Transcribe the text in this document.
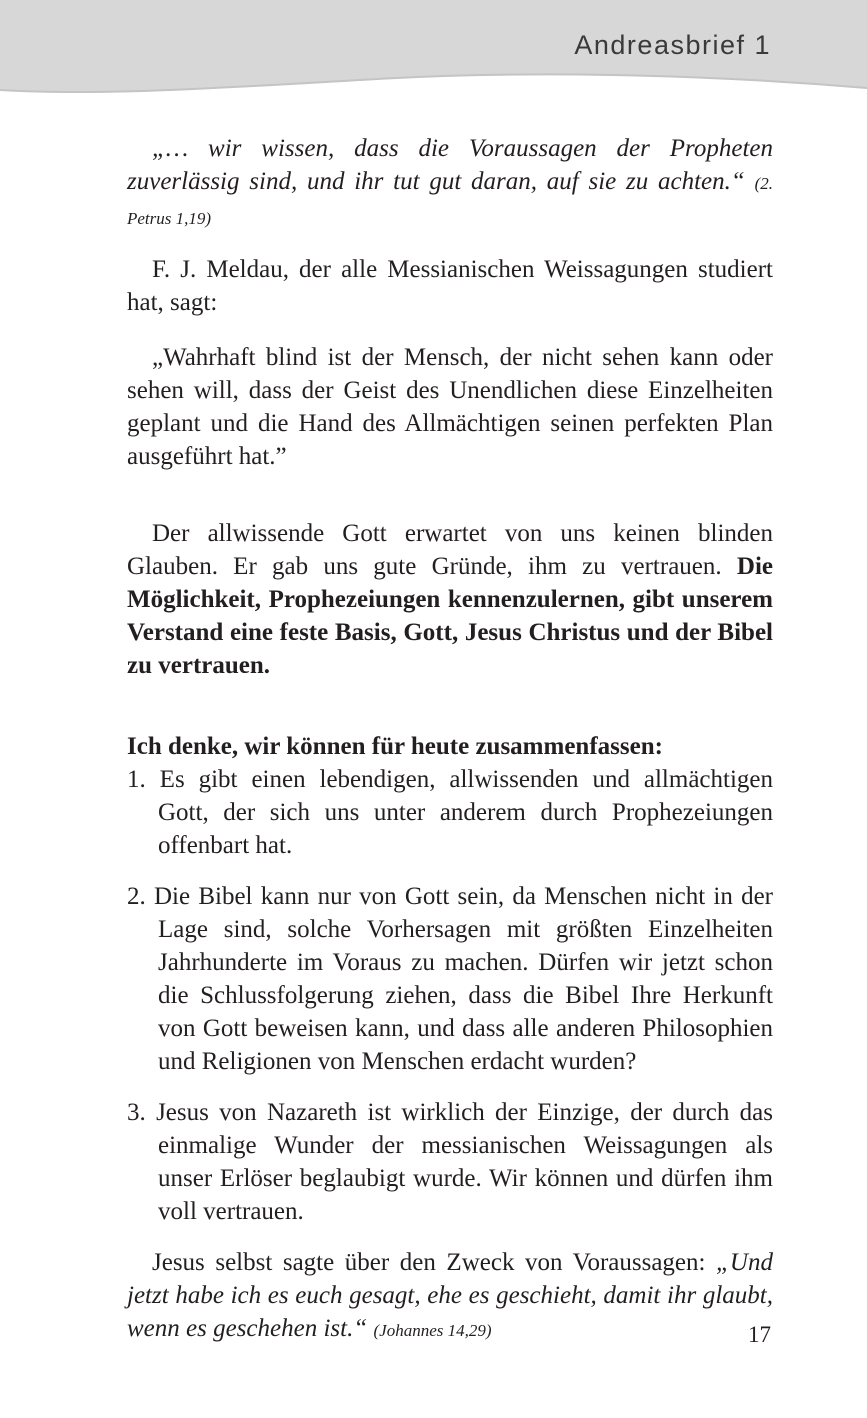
Andreasbrief 1

„… wir wissen, dass die Voraussagen der Propheten zuverlässig sind, und ihr tut gut daran, auf sie zu achten.“ (2. Petrus 1,19)

F. J. Meldau, der alle Messianischen Weissagungen studiert hat, sagt:

„Wahrhaft blind ist der Mensch, der nicht sehen kann oder sehen will, dass der Geist des Unendlichen diese Einzelheiten geplant und die Hand des Allmächtigen seinen perfekten Plan ausgeführt hat.”

Der allwissende Gott erwartet von uns keinen blinden Glauben. Er gab uns gute Gründe, ihm zu vertrauen. Die Möglichkeit, Prophezeiungen kennenzulernen, gibt unserem Verstand eine feste Basis, Gott, Jesus Christus und der Bibel zu vertrauen.

Ich denke, wir können für heute zusammenfassen:

1. Es gibt einen lebendigen, allwissenden und allmächtigen Gott, der sich uns unter anderem durch Prophezeiungen offenbart hat.
2. Die Bibel kann nur von Gott sein, da Menschen nicht in der Lage sind, solche Vorhersagen mit größten Einzelheiten Jahrhunderte im Voraus zu machen. Dürfen wir jetzt schon die Schlussfolgerung ziehen, dass die Bibel Ihre Herkunft von Gott beweisen kann, und dass alle anderen Philosophien und Religionen von Menschen erdacht wurden?
3. Jesus von Nazareth ist wirklich der Einzige, der durch das einmalige Wunder der messianischen Weissagungen als unser Erlöser beglaubigt wurde. Wir können und dürfen ihm voll vertrauen.

Jesus selbst sagte über den Zweck von Voraussagen: „Und jetzt habe ich es euch gesagt, ehe es geschieht, damit ihr glaubt, wenn es geschehen ist.“ (Johannes 14,29)	17
